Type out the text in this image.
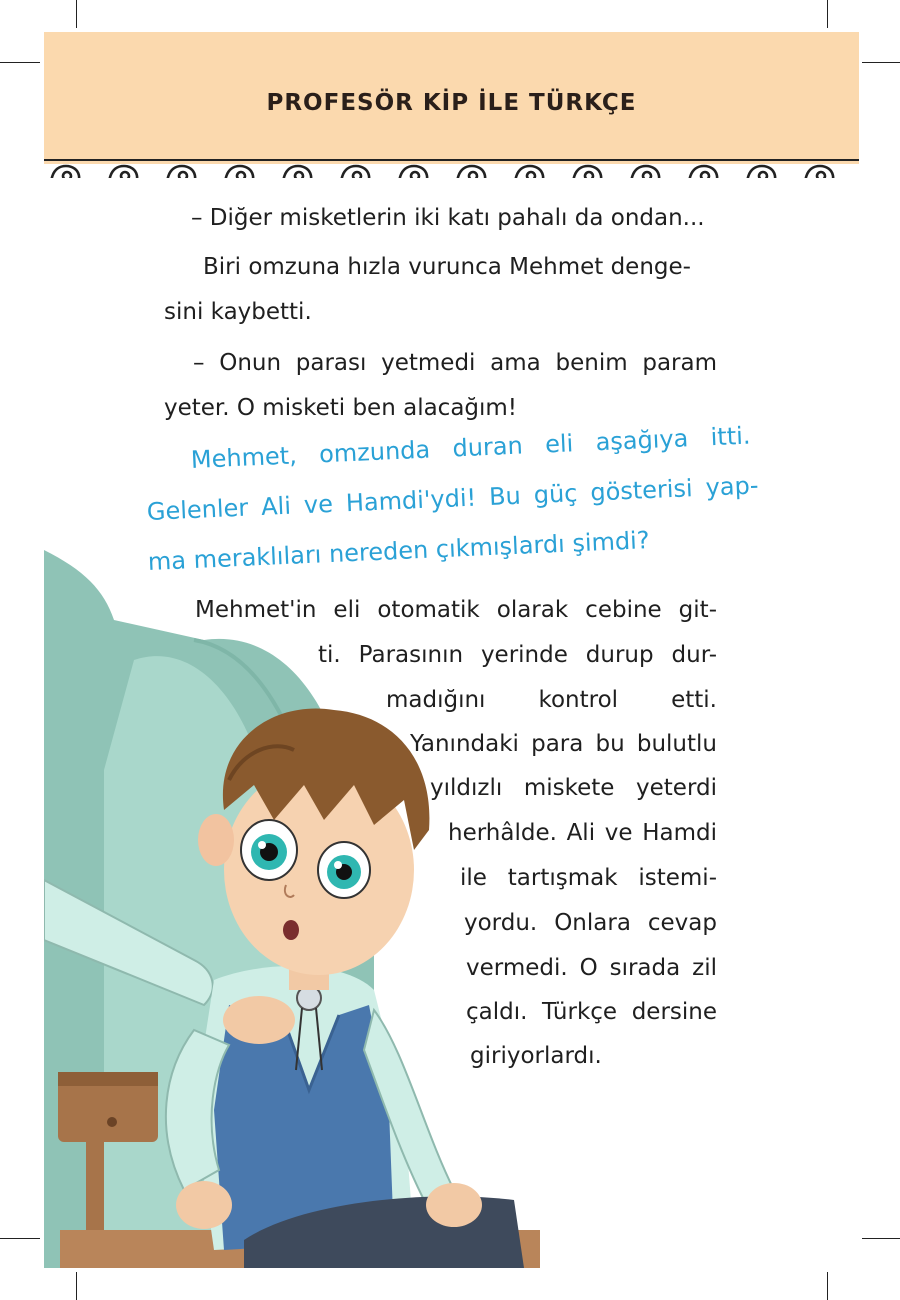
PROFESÖR KİP İLE TÜRKÇE

– Diğer misketlerin iki katı pahalı da ondan...

Biri omzuna hızla vurunca Mehmet denge-

sini kaybetti.

– Onun parası yetmedi ama benim param

yeter. O misketi ben alacağım!

Mehmet, omzunda duran eli aşağıya itti.

Gelenler Ali ve Hamdi'ydi! Bu güç gösterisi yap-

ma meraklıları nereden çıkmışlardı şimdi?

Mehmet'in eli otomatik olarak cebine git-

ti. Parasının yerinde durup dur-

madığını kontrol etti.

Yanındaki para bu bulutlu

yıldızlı miskete yeterdi

herhâlde. Ali ve Hamdi

ile tartışmak istemi-

yordu. Onlara cevap

vermedi. O sırada zil

çaldı. Türkçe dersine

giriyorlardı.
